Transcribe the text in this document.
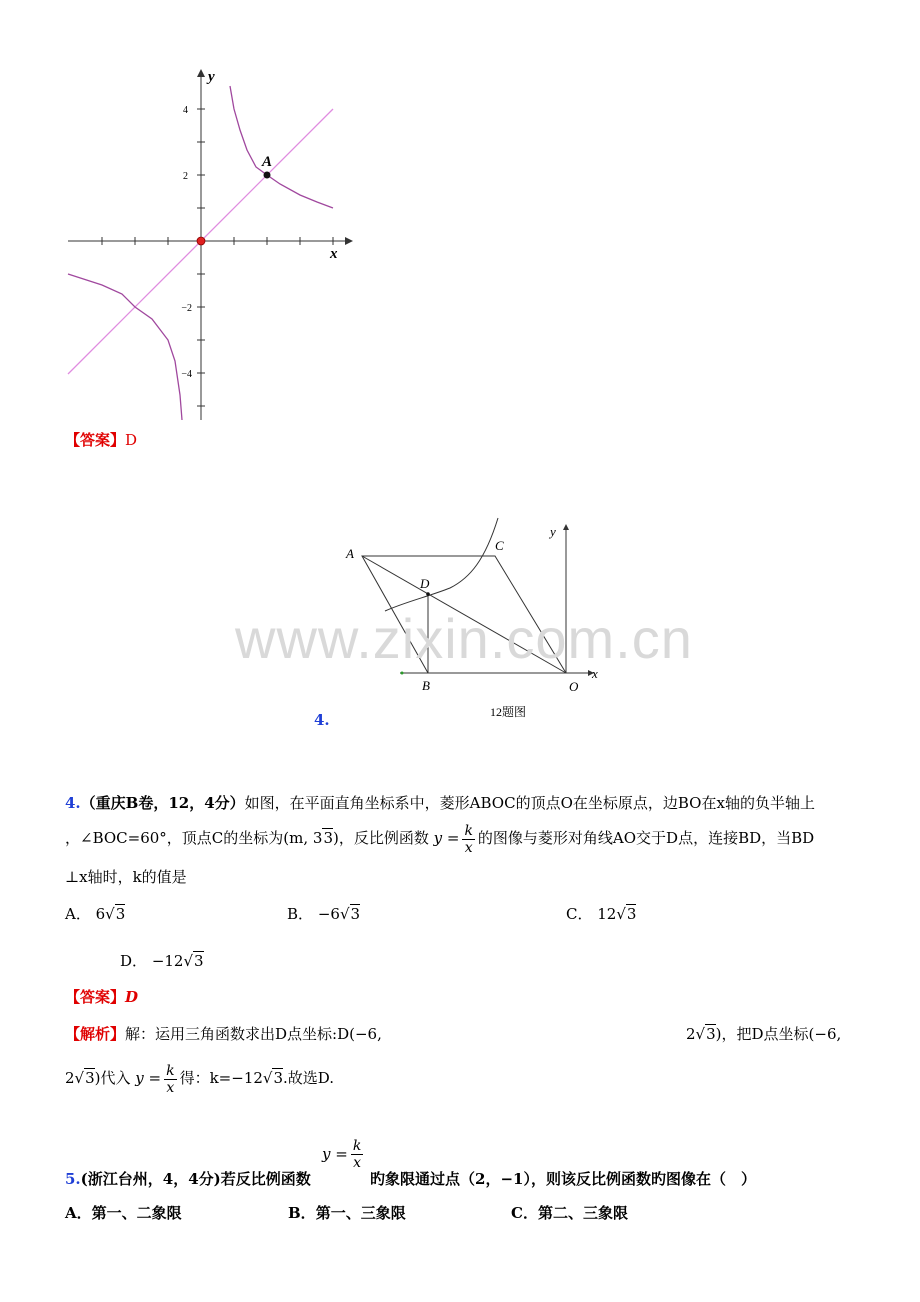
4
2
−2
−4
x
y
A
【答案】D
A
C
D
B	O
x
y
12题图
www.zixin.com.cn
4.
4.（重庆B卷，12，4分）如图，在平面直角坐标系中，菱形ABOC的顶点O在坐标原点，边BO在x轴的负半轴上
，∠BOC=60°，顶点C的坐标为(m, 33)，反比例函数 $y = \frac{k}{x}$ 的图像与菱形对角线AO交于D点，连接BD，当BD
⊥x轴时，k的值是
A． 6√3	B． −6√3	C． 12√3
D． −12√3
【答案】D
【解析】解：运用三角函数求出D点坐标:D(−6,	2√3)，把D点坐标(−6,
2√3)代入 $y = \frac{k}{x}$ 得：k=−12√3.故选D.
$y = \frac{k}{x}$
5.(浙江台州，4，4分)若反比例函数	旳象限通过点（2，−1），则该反比例函数旳图像在（　）
A．第一、二象限	B．第一、三象限	C．第二、三象限
